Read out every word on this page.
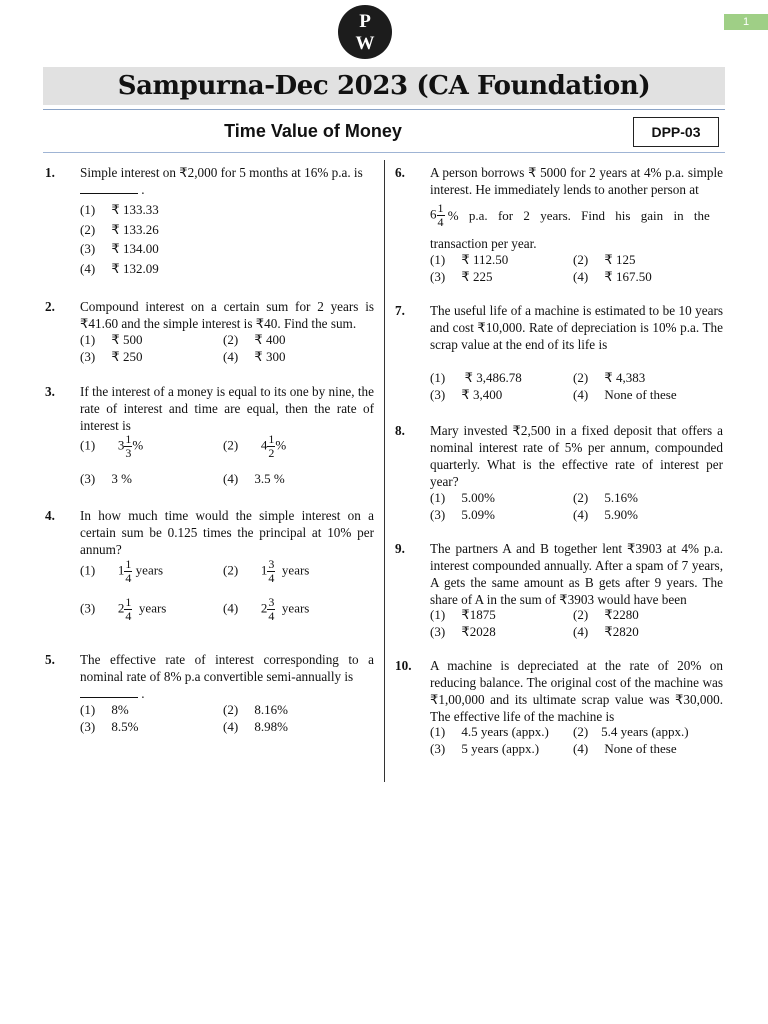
P
W
1
Sampurna-Dec 2023 (CA Foundation)
Time Value of Money	DPP-03
1. Simple interest on ₹2,000 for 5 months at 16% p.a. is
.
(1) ₹ 133.33
(2) ₹ 133.26
(3) ₹ 134.00
(4) ₹ 132.09
2. Compound interest on a certain sum for 2 years is ₹41.60 and the simple interest is ₹40. Find the sum.
(1) ₹ 500	(2) ₹ 400
(3) ₹ 250	(4) ₹ 300
3. If the interest of a money is equal to its one by nine, the rate of interest and time are equal, then the rate of interest is
(1) $3 \frac{1}{3}$ %	(2) $4 \frac{1}{2}$ %
(3) 3 %	(4) 3.5 %
4. In how much time would the simple interest on a certain sum be 0.125 times the principal at 10% per annum?
(1) $1 \frac{1}{4}$ years	(2) $1 \frac{3}{4}$ years
(3) $2 \frac{1}{4}$ years	(4) $2 \frac{3}{4}$ years
5. The effective rate of interest corresponding to a nominal rate of 8% p.a convertible semi-annually is
.
(1) 8%	(2) 8.16%
(3) 8.5%	(4) 8.98%
6. A person borrows ₹ 5000 for 2 years at 4% p.a. simple interest. He immediately lends to another person at
$6 \frac{1}{4}$ % p.a. for 2 years. Find his gain in the
transaction per year.
(1) ₹ 112.50	(2) ₹ 125
(3) ₹ 225	(4) ₹ 167.50
7. The useful life of a machine is estimated to be 10 years and cost ₹10,000. Rate of depreciation is 10% p.a. The scrap value at the end of its life is
(1) ₹ 3,486.78	(2) ₹ 4,383
(3) ₹ 3,400	(4) None of these
8. Mary invested ₹2,500 in a fixed deposit that offers a nominal interest rate of 5% per annum, compounded quarterly. What is the effective rate of interest per year?
(1) 5.00%	(2) 5.16%
(3) 5.09%	(4) 5.90%
9. The partners A and B together lent ₹3903 at 4% p.a. interest compounded annually. After a spam of 7 years, A gets the same amount as B gets after 9 years. The share of A in the sum of ₹3903 would have been
(1) ₹1875	(2) ₹2280
(3) ₹2028	(4) ₹2820
10. A machine is depreciated at the rate of 20% on reducing balance. The original cost of the machine was ₹1,00,000 and its ultimate scrap value was ₹30,000. The effective life of the machine is
(1) 4.5 years (appx.) (2) 5.4 years (appx.)
(3) 5 years (appx.)	(4) None of these
